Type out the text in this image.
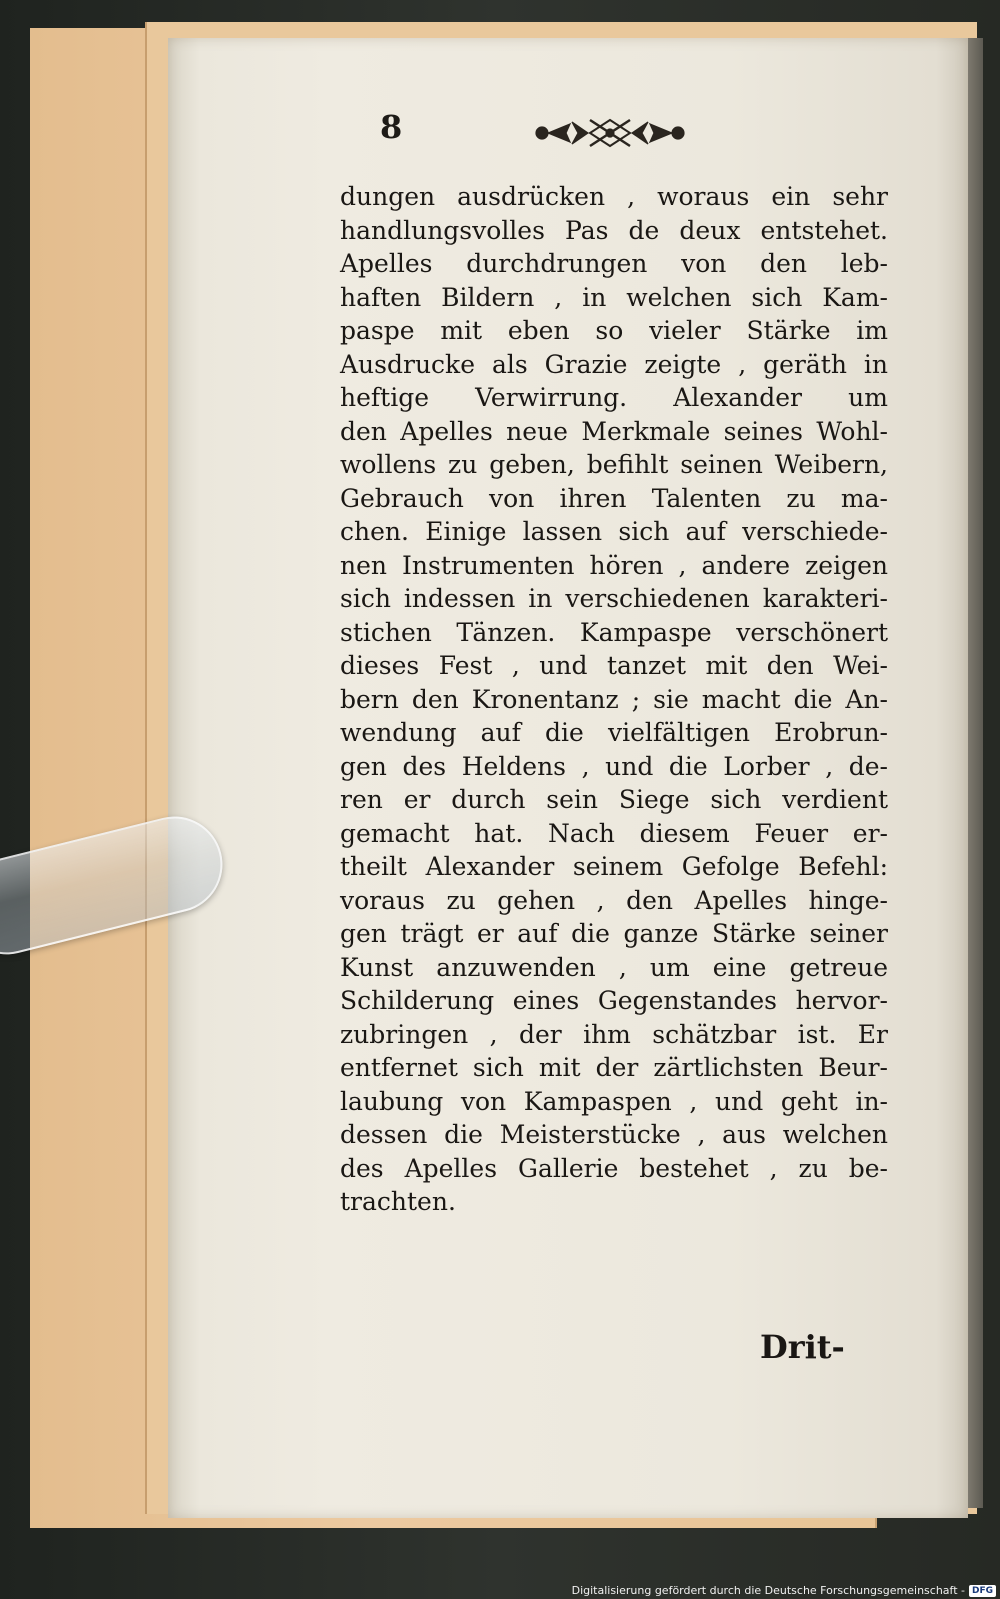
8
dungen ausdrücken , woraus ein sehr
handlungsvolles Pas de deux entstehet.
Apelles durchdrungen von den leb-
haften Bildern , in welchen sich Kam-
paspe mit eben so vieler Stärke im
Ausdrucke als Grazie zeigte , geräth in
heftige Verwirrung. Alexander um
den Apelles neue Merkmale seines Wohl-
wollens zu geben, befihlt seinen Weibern,
Gebrauch von ihren Talenten zu ma-
chen. Einige lassen sich auf verschiede-
nen Instrumenten hören , andere zeigen
sich indessen in verschiedenen karakteri-
stichen Tänzen. Kampaspe verschönert
dieses Fest , und tanzet mit den Wei-
bern den Kronentanz ; sie macht die An-
wendung auf die vielfältigen Erobrun-
gen des Heldens , und die Lorber , de-
ren er durch sein Siege sich verdient
gemacht hat. Nach diesem Feuer er-
theilt Alexander seinem Gefolge Befehl:
voraus zu gehen , den Apelles hinge-
gen trägt er auf die ganze Stärke seiner
Kunst anzuwenden , um eine getreue
Schilderung eines Gegenstandes hervor-
zubringen , der ihm schätzbar ist. Er
entfernet sich mit der zärtlichsten Beur-
laubung von Kampaspen , und geht in-
dessen die Meisterstücke , aus welchen
des Apelles Gallerie bestehet , zu be-
trachten.
Drit-
Digitalisierung gefördert durch die Deutsche Forschungsgemeinschaft - DFG
